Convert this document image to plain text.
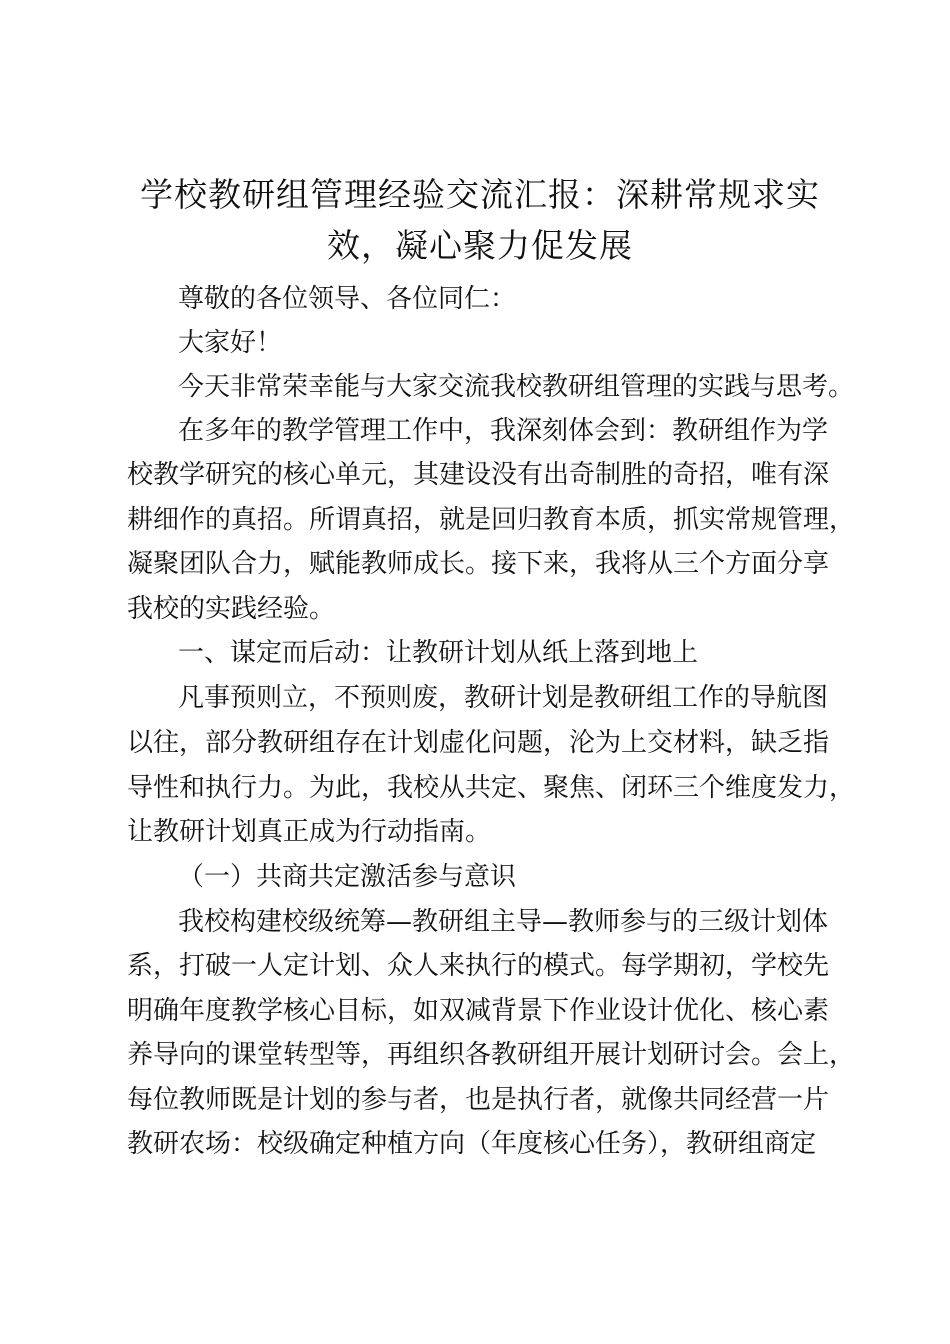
学校教研组管理经验交流汇报：深耕常规求实
效，凝心聚力促发展

尊敬的各位领导、各位同仁：

大家好！

今天非常荣幸能与大家交流我校教研组管理的实践与思考。

在多年的教学管理工作中，我深刻体会到：教研组作为学

校教学研究的核心单元，其建设没有出奇制胜的奇招，唯有深

耕细作的真招。所谓真招，就是回归教育本质，抓实常规管理，

凝聚团队合力，赋能教师成长。接下来，我将从三个方面分享

我校的实践经验。

一、谋定而后动：让教研计划从纸上落到地上

凡事预则立，不预则废，教研计划是教研组工作的导航图

以往，部分教研组存在计划虚化问题，沦为上交材料，缺乏指

导性和执行力。为此，我校从共定、聚焦、闭环三个维度发力，

让教研计划真正成为行动指南。

（一）共商共定激活参与意识

我校构建校级统筹—教研组主导—教师参与的三级计划体

系，打破一人定计划、众人来执行的模式。每学期初，学校先

明确年度教学核心目标，如双减背景下作业设计优化、核心素

养导向的课堂转型等，再组织各教研组开展计划研讨会。会上，

每位教师既是计划的参与者，也是执行者，就像共同经营一片

教研农场：校级确定种植方向（年度核心任务），教研组商定
